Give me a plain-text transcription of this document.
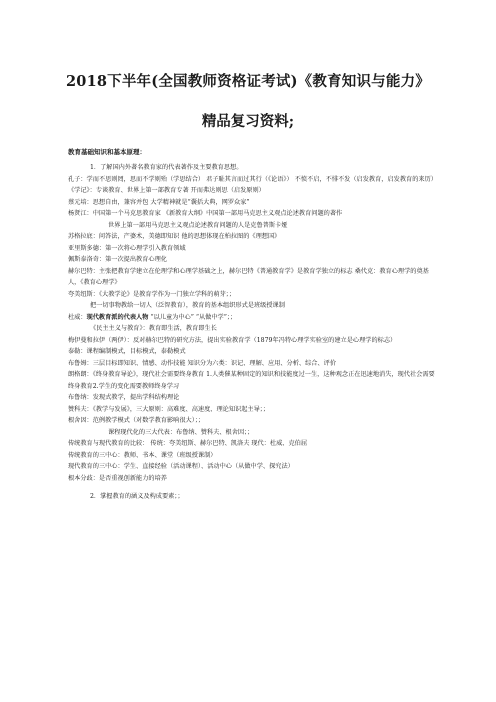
2018下半年(全国教师资格证考试)《教育知识与能力》
精品复习资料;
教育基础知识和基本原理：
1．了解国内外著名教育家的代表著作及主要教育思想。
孔子：学而不思则罔，思而不学则殆（学思结合） 君子耻其言而过其行（《论语》） 不愤不启，不悱不发（启发教育，启发教育的来历）
《学记》：专谈教育、世界上第一部教育专著 开而弗达则思（启发原则）
蔡元培：思想自由，兼容并包 大学精神就是“囊括大典，网罗众家”
杨贤江：中国第一个马克思教育家 《新教育大纲》中国第一部用马克思主义观点论述教育问题的著作
世界上第一部用马克思主义观点论述教育问题的人是克鲁普斯卡娅
苏格拉底：问答法，产婆术，美德即知识 他的思想体现在柏拉图的《理想国》
亚里斯多德：第一次将心理学引入教育领域
佩斯泰洛奇：第一次提出教育心理化
赫尔巴特：主张把教育学建立在伦理学和心理学基础之上，赫尔巴特《普通教育学》是教育学独立的标志 桑代克：教育心理学的奠基人，《教育心理学》
夸美纽斯：《大教学论》是教育学作为一门独立学科的萌芽；；
把一切事物教给一切人（泛智教育），教育的基本组织形式是班级授课制
杜威：现代教育派的代表人物 “以儿童为中心” “从做中学”；；
《民主主义与教育》：教育即生活，教育即生长
梅伊曼和拉伊（两伊）：反对赫尔巴特的研究方法，提出实验教育学（1879年冯特心理学实验室的建立是心理学的标志）
泰勒：课程编制模式，目标模式，泰勒模式
布鲁姆：三层目标即知识、情感、动作技能 知识分为六类：识记、理解、应用、分析、综合、评价
朗格朗：《终身教育导论》，现代社会需要终身教育 1.人类催某种固定的知识和技能度过一生，这种观念正在迅速地消失，现代社会需要终身教育2.学生的变化需要教师终身学习
布鲁纳：发现式教学，提出学科结构理论
赞科夫：《教学与发展》，三大原则：高难度、高速度、理论知识起主导；；
根舍因：范例教学模式（对数学教育影响很大）；；
课程现代化的三大代表：布鲁纳、赞科夫、根舍因；；
传统教育与现代教育的比较： 传统：夸美纽斯、赫尔巴特、凯洛夫 现代：杜威、克伯屈
传统教育的三中心：教师、书本、课堂（班级授课制）
现代教育的三中心：学生、直接经验（活动课程）、活动中心（从做中学、探究法）
根本分歧：是否重视创新能力的培养
2．掌握教育的涵义及构成要素；；
